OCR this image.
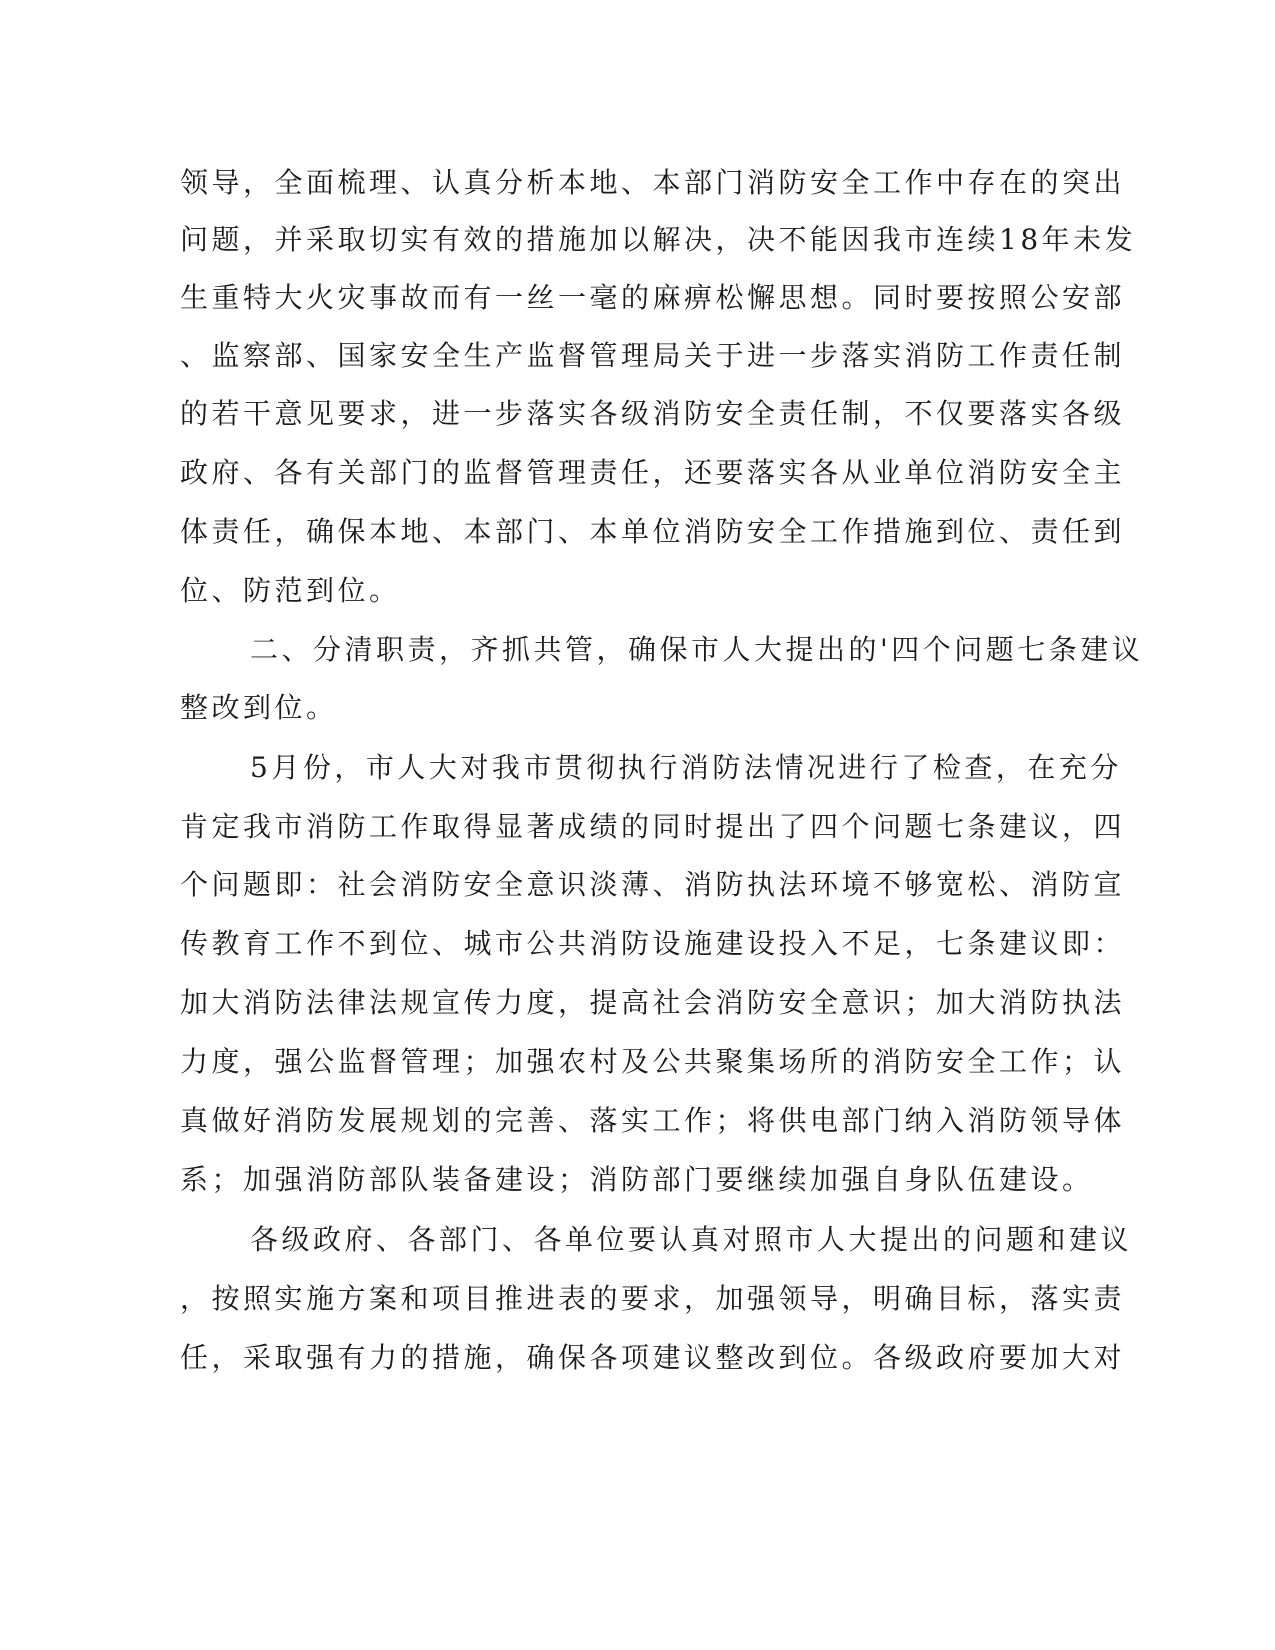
领导，全面梳理、认真分析本地、本部门消防安全工作中存在的突出

问题，并采取切实有效的措施加以解决，决不能因我市连续18年未发

生重特大火灾事故而有一丝一毫的麻痹松懈思想。同时要按照公安部

、监察部、国家安全生产监督管理局关于进一步落实消防工作责任制

的若干意见要求，进一步落实各级消防安全责任制，不仅要落实各级

政府、各有关部门的监督管理责任，还要落实各从业单位消防安全主

体责任，确保本地、本部门、本单位消防安全工作措施到位、责任到

位、防范到位。

二、分清职责，齐抓共管，确保市人大提出的'四个问题七条建议

整改到位。

5月份，市人大对我市贯彻执行消防法情况进行了检查，在充分

肯定我市消防工作取得显著成绩的同时提出了四个问题七条建议，四

个问题即：社会消防安全意识淡薄、消防执法环境不够宽松、消防宣

传教育工作不到位、城市公共消防设施建设投入不足，七条建议即：

加大消防法律法规宣传力度，提高社会消防安全意识；加大消防执法

力度，强公监督管理；加强农村及公共聚集场所的消防安全工作；认

真做好消防发展规划的完善、落实工作；将供电部门纳入消防领导体

系；加强消防部队装备建设；消防部门要继续加强自身队伍建设。

各级政府、各部门、各单位要认真对照市人大提出的问题和建议

，按照实施方案和项目推进表的要求，加强领导，明确目标，落实责

任，采取强有力的措施，确保各项建议整改到位。各级政府要加大对
